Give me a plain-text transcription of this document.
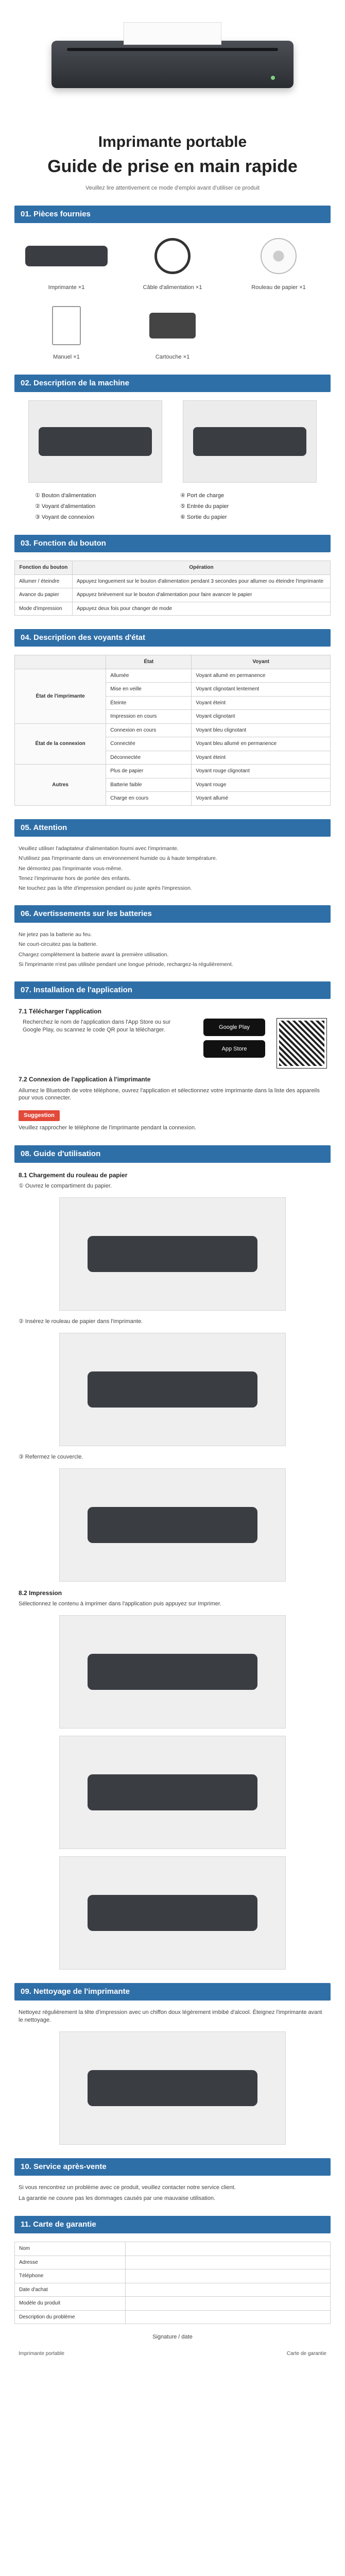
Imprimante portable
Guide de prise en main rapide

Veuillez lire attentivement ce mode d'emploi avant d'utiliser ce produit

01. Pièces fournies
Imprimante ×1	Câble d'alimentation ×1	Rouleau de papier ×1
Manuel ×1	Cartouche ×1
02. Description de la machine
① Bouton d'alimentation	④ Port de charge
② Voyant d'alimentation	⑤ Entrée du papier
③ Voyant de connexion	⑥ Sortie du papier
03. Fonction du bouton
Fonction du bouton	Opération
Allumer / éteindre	Appuyez longuement sur le bouton d'alimentation pendant 3 secondes pour allumer ou éteindre l'imprimante
Avance du papier	Appuyez brièvement sur le bouton d'alimentation pour faire avancer le papier
Mode d'impression	Appuyez deux fois pour changer de mode
04. Description des voyants d'état
	État	Voyant
État de l'imprimante	Allumée	Voyant allumé en permanence
	Mise en veille	Voyant clignotant lentement
	Éteinte	Voyant éteint
	Impression en cours	Voyant clignotant
État de la connexion	Connexion en cours	Voyant bleu clignotant
	Connectée	Voyant bleu allumé en permanence
	Déconnectée	Voyant éteint
Autres	Plus de papier	Voyant rouge clignotant
	Batterie faible	Voyant rouge
	Charge en cours	Voyant allumé
05. Attention
Veuillez utiliser l'adaptateur d'alimentation fourni avec l'imprimante.
N'utilisez pas l'imprimante dans un environnement humide ou à haute température.
Ne démontez pas l'imprimante vous-même.
Tenez l'imprimante hors de portée des enfants.
Ne touchez pas la tête d'impression pendant ou juste après l'impression.
06. Avertissements sur les batteries
Ne jetez pas la batterie au feu.
Ne court-circuitez pas la batterie.
Chargez complètement la batterie avant la première utilisation.
Si l'imprimante n'est pas utilisée pendant une longue période, rechargez-la régulièrement.
07. Installation de l'application
7.1 Télécharger l'application

Recherchez le nom de l'application dans l'App Store ou sur Google Play, ou scannez le code QR pour la télécharger.	Google Play
App Store
7.2 Connexion de l'application à l'imprimante

Allumez le Bluetooth de votre téléphone, ouvrez l'application et sélectionnez votre imprimante dans la liste des appareils pour vous connecter.

Suggestion

Veuillez rapprocher le téléphone de l'imprimante pendant la connexion.

08. Guide d'utilisation
8.1 Chargement du rouleau de papier

① Ouvrez le compartiment du papier.

② Insérez le rouleau de papier dans l'imprimante.

③ Refermez le couvercle.

8.2 Impression

Sélectionnez le contenu à imprimer dans l'application puis appuyez sur Imprimer.

09. Nettoyage de l'imprimante

Nettoyez régulièrement la tête d'impression avec un chiffon doux légèrement imbibé d'alcool. Éteignez l'imprimante avant le nettoyage.

10. Service après-vente

Si vous rencontrez un problème avec ce produit, veuillez contacter notre service client.

La garantie ne couvre pas les dommages causés par une mauvaise utilisation.

11. Carte de garantie
Nom	
Adresse	
Téléphone	
Date d'achat	
Modèle du produit	
Description du problème	
Signature / date
Imprimante portable	Carte de garantie
